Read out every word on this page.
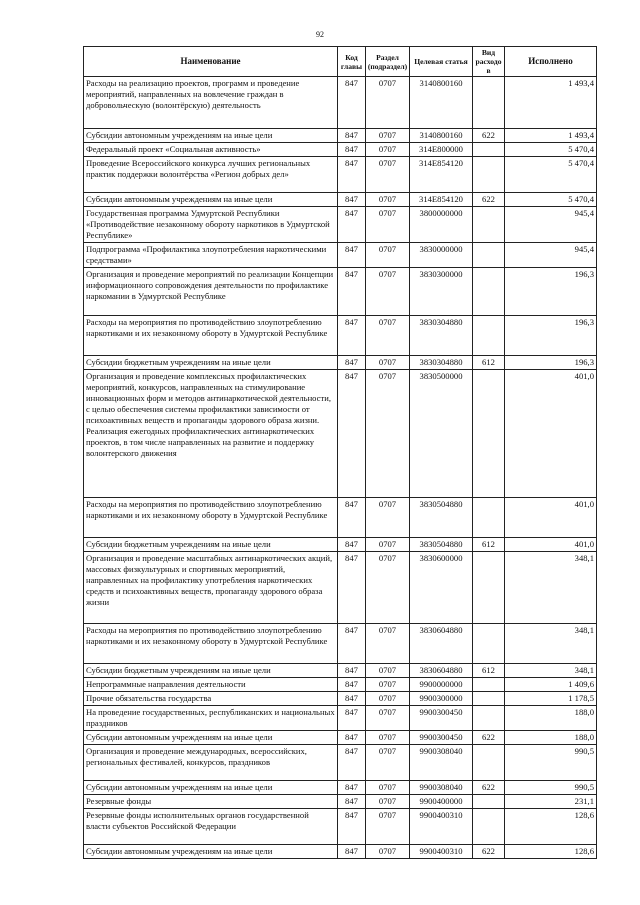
92
Наименование	Код главы	Раздел (подраздел)	Целевая статья	Вид расходов	Исполнено
Расходы на реализацию проектов, программ и проведение мероприятий, направленных на вовлечение граждан в добровольческую (волонтёрскую) деятельность	847	0707	3140800160		1 493,4
Субсидии автономным учреждениям на иные цели	847	0707	3140800160	622	1 493,4
Федеральный проект «Социальная активность»	847	0707	314E800000		5 470,4
Проведение Всероссийского конкурса лучших региональных практик поддержки волонтёрства «Регион добрых дел»	847	0707	314E854120		5 470,4
Субсидии автономным учреждениям на иные цели	847	0707	314E854120	622	5 470,4
Государственная программа Удмуртской Республики «Противодействие незаконному обороту наркотиков в Удмуртской Республике»	847	0707	3800000000		945,4
Подпрограмма «Профилактика злоупотребления наркотическими средствами»	847	0707	3830000000		945,4
Организация и проведение мероприятий по реализации Концепции информационного сопровождения деятельности по профилактике наркомании в Удмуртской Республике	847	0707	3830300000		196,3
Расходы на мероприятия по противодействию злоупотреблению наркотиками и их незаконному обороту в Удмуртской Республике	847	0707	3830304880		196,3
Субсидии бюджетным учреждениям на иные цели	847	0707	3830304880	612	196,3
Организация и проведение комплексных профилактических мероприятий, конкурсов, направленных на стимулирование инновационных форм и методов антинаркотической деятельности, с целью обеспечения системы профилактики зависимости от психоактивных веществ и пропаганды здорового образа жизни. Реализация ежегодных профилактических антинаркотических проектов, в том числе направленных на развитие и поддержку волонтерского движения	847	0707	3830500000		401,0
Расходы на мероприятия по противодействию злоупотреблению наркотиками и их незаконному обороту в Удмуртской Республике	847	0707	3830504880		401,0
Субсидии бюджетным учреждениям на иные цели	847	0707	3830504880	612	401,0
Организация и проведение масштабных антинаркотических акций, массовых физкультурных и спортивных мероприятий, направленных на профилактику употребления наркотических средств и психоактивных веществ, пропаганду здорового образа жизни	847	0707	3830600000		348,1
Расходы на мероприятия по противодействию злоупотреблению наркотиками и их незаконному обороту в Удмуртской Республике	847	0707	3830604880		348,1
Субсидии бюджетным учреждениям на иные цели	847	0707	3830604880	612	348,1
Непрограммные направления деятельности	847	0707	9900000000		1 409,6
Прочие обязательства государства	847	0707	9900300000		1 178,5
На проведение государственных, республиканских и национальных праздников	847	0707	9900300450		188,0
Субсидии автономным учреждениям на иные цели	847	0707	9900300450	622	188,0
Организация и проведение международных, всероссийских, региональных фестивалей, конкурсов, праздников	847	0707	9900308040		990,5
Субсидии автономным учреждениям на иные цели	847	0707	9900308040	622	990,5
Резервные фонды	847	0707	9900400000		231,1
Резервные фонды исполнительных органов государственной власти субъектов Российской Федерации	847	0707	9900400310		128,6
Субсидии автономным учреждениям на иные цели	847	0707	9900400310	622	128,6
